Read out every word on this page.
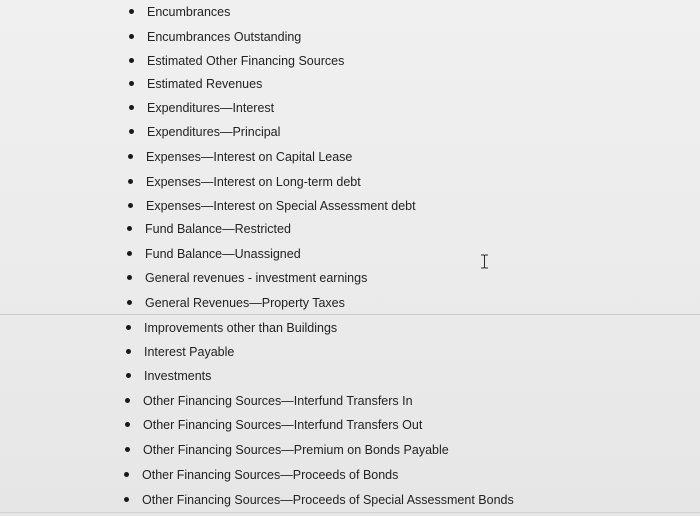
Encumbrances
Encumbrances Outstanding
Estimated Other Financing Sources
Estimated Revenues
Expenditures—Interest
Expenditures—Principal
Expenses—Interest on Capital Lease
Expenses—Interest on Long-term debt
Expenses—Interest on Special Assessment debt
Fund Balance—Restricted
Fund Balance—Unassigned
General revenues - investment earnings
General Revenues—Property Taxes
Improvements other than Buildings
Interest Payable
Investments
Other Financing Sources—Interfund Transfers In
Other Financing Sources—Interfund Transfers Out
Other Financing Sources—Premium on Bonds Payable
Other Financing Sources—Proceeds of Bonds
Other Financing Sources—Proceeds of Special Assessment Bonds
